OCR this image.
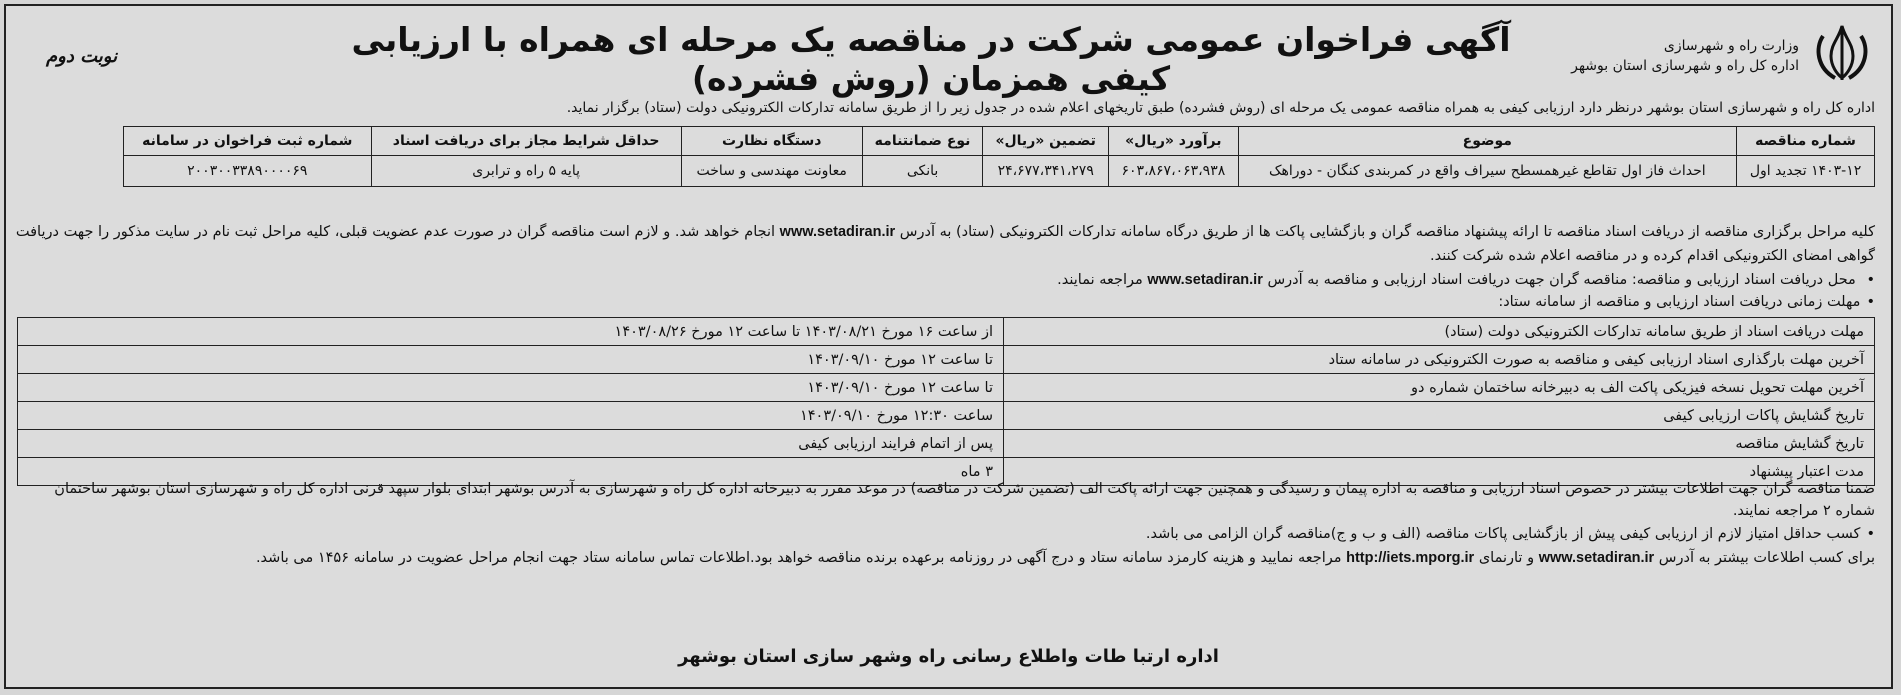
وزارت راه و شهرسازی
اداره کل راه و شهرسازی استان بوشهر
آگهی فراخوان عمومی شرکت در مناقصه یک مرحله ای همراه با ارزیابی کیفی همزمان (روش فشرده)
نوبت دوم
اداره کل راه و شهرسازی استان بوشهر درنظر دارد ارزیابی کیفی به همراه مناقصه عمومی یک مرحله ای (روش فشرده) طبق تاریخهای اعلام شده در جدول زیر را از طریق سامانه تدارکات الکترونیکی دولت (ستاد) برگزار نماید.
شماره مناقصه	موضوع	برآورد «ریال»	تضمین «ریال»	نوع ضمانتنامه	دستگاه نظارت	حداقل شرایط مجاز برای دریافت اسناد	شماره ثبت فراخوان در سامانه
۱۴۰۳-۱۲ تجدید اول	احداث فاز اول تقاطع غیرهمسطح سیراف واقع در کمربندی کنگان - دوراهک	۶۰۳،۸۶۷،۰۶۳،۹۳۸	۲۴،۶۷۷،۳۴۱،۲۷۹	بانکی	معاونت مهندسی و ساخت	پایه ۵ راه و ترابری	۲۰۰۳۰۰۳۳۸۹۰۰۰۰۶۹
کلیه مراحل برگزاری مناقصه از دریافت اسناد مناقصه تا ارائه پیشنهاد مناقصه گران و بازگشایی پاکت ها از طریق درگاه سامانه تدارکات الکترونیکی (ستاد) به آدرس www.setadiran.ir انجام خواهد شد. و لازم است مناقصه گران در صورت عدم عضویت قبلی، کلیه مراحل ثبت نام در سایت مذکور را جهت دریافت گواهی امضای الکترونیکی اقدام کرده و در مناقصه اعلام شده شرکت کنند.
• محل دریافت اسناد ارزیابی و مناقصه: مناقصه گران جهت دریافت اسناد ارزیابی و مناقصه به آدرس www.setadiran.ir مراجعه نمایند.
• مهلت زمانی دریافت اسناد ارزیابی و مناقصه از سامانه ستاد:
مهلت دریافت اسناد از طریق سامانه تدارکات الکترونیکی دولت (ستاد)	از ساعت ۱۶ مورخ ۱۴۰۳/۰۸/۲۱ تا ساعت ۱۲ مورخ ۱۴۰۳/۰۸/۲۶
آخرین مهلت بارگذاری اسناد ارزیابی کیفی و مناقصه به صورت الکترونیکی در سامانه ستاد	تا ساعت ۱۲ مورخ ۱۴۰۳/۰۹/۱۰
آخرین مهلت تحویل نسخه فیزیکی پاکت الف به دبیرخانه ساختمان شماره دو	تا ساعت ۱۲ مورخ ۱۴۰۳/۰۹/۱۰
تاریخ گشایش پاکات ارزیابی کیفی	ساعت ۱۲:۳۰ مورخ ۱۴۰۳/۰۹/۱۰
تاریخ گشایش مناقصه	پس از اتمام فرایند ارزیابی کیفی
مدت اعتبار پیشنهاد	۳ ماه
ضمنا مناقصه گران جهت اطلاعات بیشتر در خصوص اسناد ارزیابی و مناقصه به اداره پیمان و رسیدگی و همچنین جهت ارائه پاکت الف (تضمین شرکت در مناقصه) در موعد مقرر به دبیرخانه اداره کل راه و شهرسازی به آدرس بوشهر ابتدای بلوار سپهد قرنی اداره کل راه و شهرسازی استان بوشهر ساختمان شماره ۲ مراجعه نمایند.
• کسب حداقل امتیاز لازم از ارزیابی کیفی پیش از بازگشایی پاکات مناقصه (الف و ب و ج)مناقصه گران الزامی می باشد.
برای کسب اطلاعات بیشتر به آدرس www.setadiran.ir و تارنمای http://iets.mporg.ir مراجعه نمایید و هزینه کارمزد سامانه ستاد و درج آگهی در روزنامه برعهده برنده مناقصه خواهد بود.اطلاعات تماس سامانه ستاد جهت انجام مراحل عضویت در سامانه ۱۴۵۶ می باشد.
اداره ارتبا طات واطلاع رسانی راه وشهر سازی استان بوشهر
